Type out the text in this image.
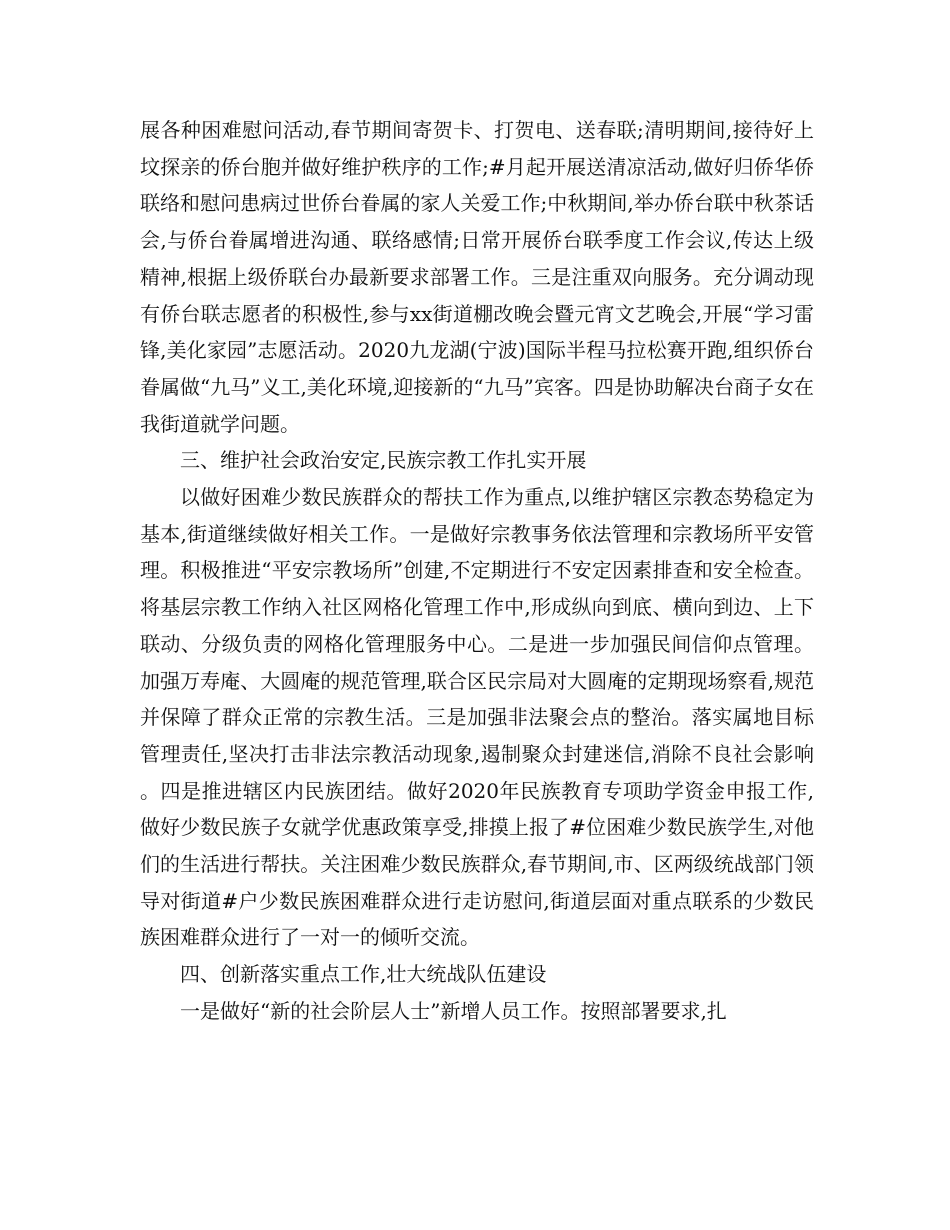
展各种困难慰问活动,春节期间寄贺卡、打贺电、送春联;清明期间,接待好上坟探亲的侨台胞并做好维护秩序的工作;#月起开展送清凉活动,做好归侨华侨联络和慰问患病过世侨台眷属的家人关爱工作;中秋期间,举办侨台联中秋茶话会,与侨台眷属增进沟通、联络感情;日常开展侨台联季度工作会议,传达上级精神,根据上级侨联台办最新要求部署工作。三是注重双向服务。充分调动现有侨台联志愿者的积极性,参与xx街道棚改晚会暨元宵文艺晚会,开展“学习雷锋,美化家园”志愿活动。2020九龙湖(宁波)国际半程马拉松赛开跑,组织侨台眷属做“九马”义工,美化环境,迎接新的“九马”宾客。四是协助解决台商子女在我街道就学问题。

三、维护社会政治安定,民族宗教工作扎实开展

以做好困难少数民族群众的帮扶工作为重点,以维护辖区宗教态势稳定为基本,街道继续做好相关工作。一是做好宗教事务依法管理和宗教场所平安管理。积极推进“平安宗教场所”创建,不定期进行不安定因素排查和安全检查。将基层宗教工作纳入社区网格化管理工作中,形成纵向到底、横向到边、上下联动、分级负责的网格化管理服务中心。二是进一步加强民间信仰点管理。加强万寿庵、大圆庵的规范管理,联合区民宗局对大圆庵的定期现场察看,规范并保障了群众正常的宗教生活。三是加强非法聚会点的整治。落实属地目标管理责任,坚决打击非法宗教活动现象,遏制聚众封建迷信,消除不良社会影响。四是推进辖区内民族团结。做好2020年民族教育专项助学资金申报工作,做好少数民族子女就学优惠政策享受,排摸上报了#位困难少数民族学生,对他们的生活进行帮扶。关注困难少数民族群众,春节期间,市、区两级统战部门领导对街道#户少数民族困难群众进行走访慰问,街道层面对重点联系的少数民族困难群众进行了一对一的倾听交流。

四、创新落实重点工作,壮大统战队伍建设

一是做好“新的社会阶层人士”新增人员工作。按照部署要求,扎
